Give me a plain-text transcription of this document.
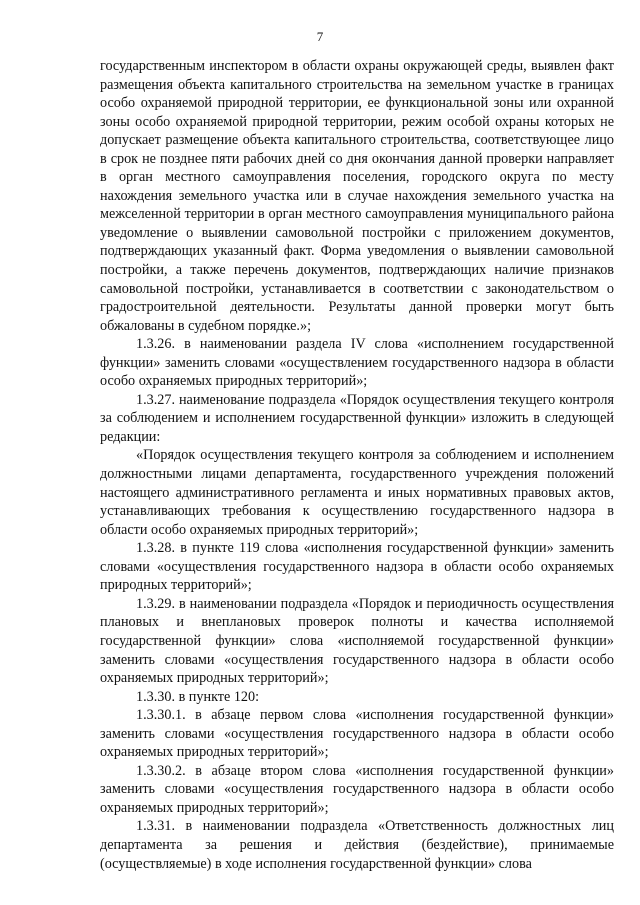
7

государственным инспектором в области охраны окружающей среды, выявлен факт размещения объекта капитального строительства на земельном участке в границах особо охраняемой природной территории, ее функциональной зоны или охранной зоны особо охраняемой природной территории, режим особой охраны которых не допускает размещение объекта капитального строительства, соответствующее лицо в срок не позднее пяти рабочих дней со дня окончания данной проверки направляет в орган местного самоуправления поселения, городского округа по месту нахождения земельного участка или в случае нахождения земельного участка на межселенной территории в орган местного самоуправления муниципального района уведомление о выявлении самовольной постройки с приложением документов, подтверждающих указанный факт. Форма уведомления о выявлении самовольной постройки, а также перечень документов, подтверждающих наличие признаков самовольной постройки, устанавливается в соответствии с законодательством о градостроительной деятельности. Результаты данной проверки могут быть обжалованы в судебном порядке.»;

1.3.26. в наименовании раздела IV слова «исполнением государственной функции» заменить словами «осуществлением государственного надзора в области особо охраняемых природных территорий»;

1.3.27. наименование подраздела «Порядок осуществления текущего контроля за соблюдением и исполнением государственной функции» изложить в следующей редакции:

«Порядок осуществления текущего контроля за соблюдением и исполнением должностными лицами департамента, государственного учреждения положений настоящего административного регламента и иных нормативных правовых актов, устанавливающих требования к осуществлению государственного надзора в области особо охраняемых природных территорий»;

1.3.28. в пункте 119 слова «исполнения государственной функции» заменить словами «осуществления государственного надзора в области особо охраняемых природных территорий»;

1.3.29. в наименовании подраздела «Порядок и периодичность осуществления плановых и внеплановых проверок полноты и качества исполняемой государственной функции» слова «исполняемой государственной функции» заменить словами «осуществления государственного надзора в области особо охраняемых природных территорий»;

1.3.30. в пункте 120:

1.3.30.1. в абзаце первом слова «исполнения государственной функции» заменить словами «осуществления государственного надзора в области особо охраняемых природных территорий»;

1.3.30.2. в абзаце втором слова «исполнения государственной функции» заменить словами «осуществления государственного надзора в области особо охраняемых природных территорий»;

1.3.31. в наименовании подраздела «Ответственность должностных лиц департамента за решения и действия (бездействие), принимаемые (осуществляемые) в ходе исполнения государственной функции» слова
